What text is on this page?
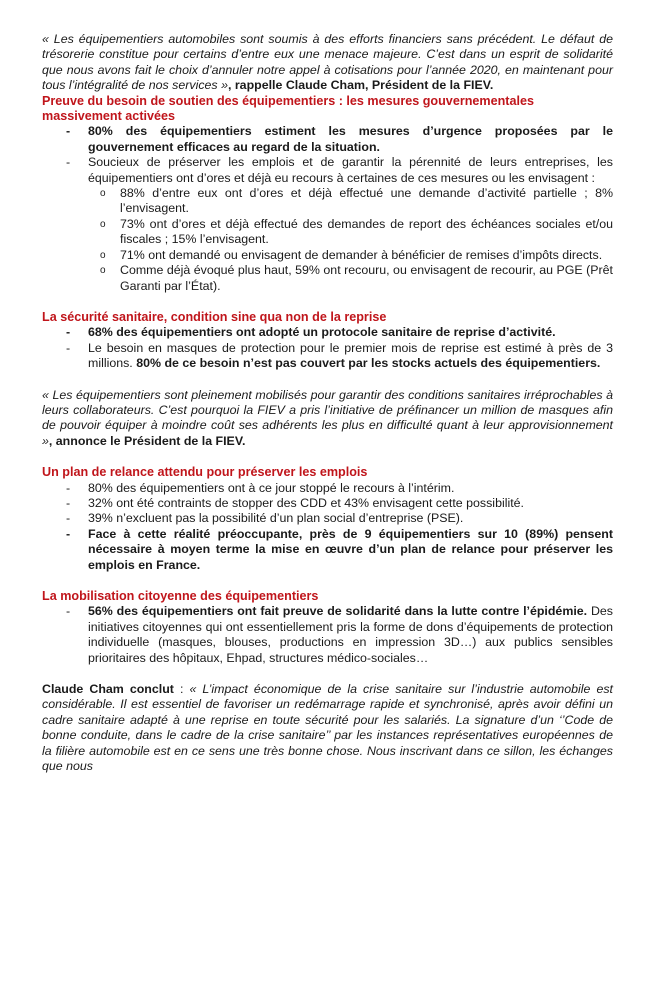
« Les équipementiers automobiles sont soumis à des efforts financiers sans précédent. Le défaut de trésorerie constitue pour certains d’entre eux une menace majeure. C’est dans un esprit de solidarité que nous avons fait le choix d’annuler notre appel à cotisations pour l’année 2020, en maintenant pour tous l’intégralité de nos services », rappelle Claude Cham, Président de la FIEV.

Preuve du besoin de soutien des équipementiers : les mesures gouvernementales massivement activées
- 80% des équipementiers estiment les mesures d’urgence proposées par le gouvernement efficaces au regard de la situation.
- Soucieux de préserver les emplois et de garantir la pérennité de leurs entreprises, les équipementiers ont d’ores et déjà eu recours à certaines de ces mesures ou les envisagent :
o 88% d’entre eux ont d’ores et déjà effectué une demande d’activité partielle ; 8% l’envisagent.
o 73% ont d’ores et déjà effectué des demandes de report des échéances sociales et/ou fiscales ; 15% l’envisagent.
o 71% ont demandé ou envisagent de demander à bénéficier de remises d’impôts directs.
o Comme déjà évoqué plus haut, 59% ont recouru, ou envisagent de recourir, au PGE (Prêt Garanti par l’État).
La sécurité sanitaire, condition sine qua non de la reprise
- 68% des équipementiers ont adopté un protocole sanitaire de reprise d’activité.
- Le besoin en masques de protection pour le premier mois de reprise est estimé à près de 3 millions. 80% de ce besoin n’est pas couvert par les stocks actuels des équipementiers.

« Les équipementiers sont pleinement mobilisés pour garantir des conditions sanitaires irréprochables à leurs collaborateurs. C’est pourquoi la FIEV a pris l’initiative de préfinancer un million de masques afin de pouvoir équiper à moindre coût ses adhérents les plus en difficulté quant à leur approvisionnement », annonce le Président de la FIEV.

Un plan de relance attendu pour préserver les emplois
- 80% des équipementiers ont à ce jour stoppé le recours à l’intérim.
- 32% ont été contraints de stopper des CDD et 43% envisagent cette possibilité.
- 39% n’excluent pas la possibilité d’un plan social d’entreprise (PSE).
- Face à cette réalité préoccupante, près de 9 équipementiers sur 10 (89%) pensent nécessaire à moyen terme la mise en œuvre d’un plan de relance pour préserver les emplois en France.
La mobilisation citoyenne des équipementiers
- 56% des équipementiers ont fait preuve de solidarité dans la lutte contre l’épidémie. Des initiatives citoyennes qui ont essentiellement pris la forme de dons d’équipements de protection individuelle (masques, blouses, productions en impression 3D…) aux publics sensibles prioritaires des hôpitaux, Ehpad, structures médico-sociales…

Claude Cham conclut : « L’impact économique de la crise sanitaire sur l’industrie automobile est considérable. Il est essentiel de favoriser un redémarrage rapide et synchronisé, après avoir défini un cadre sanitaire adapté à une reprise en toute sécurité pour les salariés. La signature d’un ‘’Code de bonne conduite, dans le cadre de la crise sanitaire’’ par les instances représentatives européennes de la filière automobile est en ce sens une très bonne chose. Nous inscrivant dans ce sillon, les échanges que nous
